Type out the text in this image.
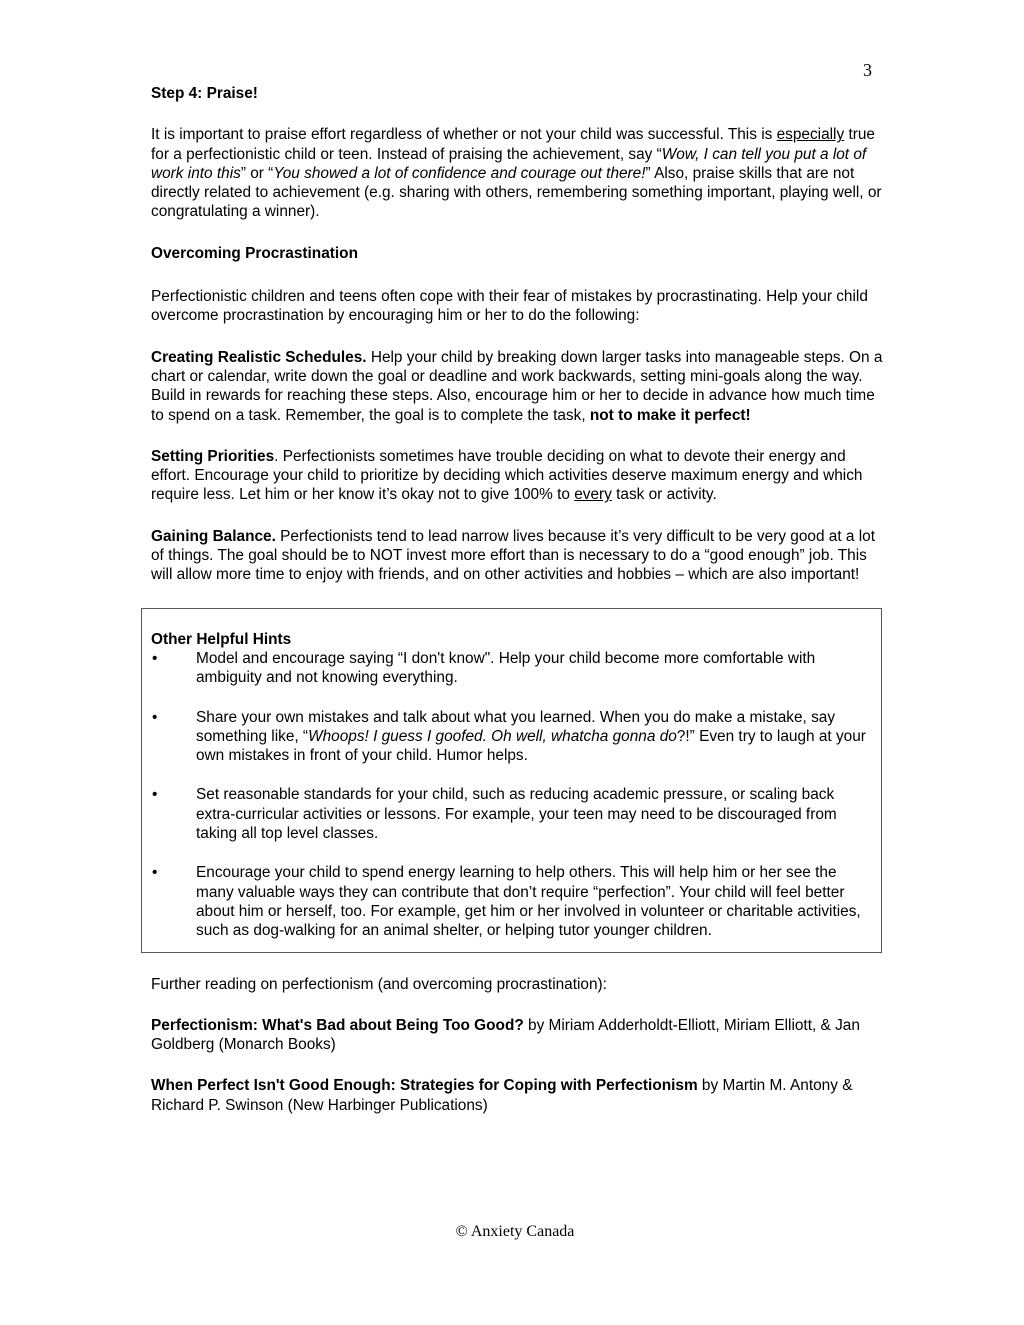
3

Step 4: Praise!

It is important to praise effort regardless of whether or not your child was successful. This is especially true for a perfectionistic child or teen. Instead of praising the achievement, say “Wow, I can tell you put a lot of work into this” or “You showed a lot of confidence and courage out there!” Also, praise skills that are not directly related to achievement (e.g. sharing with others, remembering something important, playing well, or congratulating a winner).

Overcoming Procrastination

Perfectionistic children and teens often cope with their fear of mistakes by procrastinating. Help your child overcome procrastination by encouraging him or her to do the following:

Creating Realistic Schedules. Help your child by breaking down larger tasks into manageable steps. On a chart or calendar, write down the goal or deadline and work backwards, setting mini-goals along the way. Build in rewards for reaching these steps. Also, encourage him or her to decide in advance how much time to spend on a task. Remember, the goal is to complete the task, not to make it perfect!

Setting Priorities. Perfectionists sometimes have trouble deciding on what to devote their energy and effort. Encourage your child to prioritize by deciding which activities deserve maximum energy and which require less. Let him or her know it’s okay not to give 100% to every task or activity.

Gaining Balance. Perfectionists tend to lead narrow lives because it’s very difficult to be very good at a lot of things. The goal should be to NOT invest more effort than is necessary to do a “good enough” job. This will allow more time to enjoy with friends, and on other activities and hobbies – which are also important!

Other Helpful Hints

•	Model and encourage saying “I don't know". Help your child become more comfortable with ambiguity and not knowing everything.
•	Share your own mistakes and talk about what you learned. When you do make a mistake, say something like, “Whoops! I guess I goofed. Oh well, whatcha gonna do?!” Even try to laugh at your own mistakes in front of your child. Humor helps.
•	Set reasonable standards for your child, such as reducing academic pressure, or scaling back extra-curricular activities or lessons. For example, your teen may need to be discouraged from taking all top level classes.
•	Encourage your child to spend energy learning to help others. This will help him or her see the many valuable ways they can contribute that don’t require “perfection”. Your child will feel better about him or herself, too. For example, get him or her involved in volunteer or charitable activities, such as dog-walking for an animal shelter, or helping tutor younger children.

Further reading on perfectionism (and overcoming procrastination):

Perfectionism: What's Bad about Being Too Good? by Miriam Adderholdt-Elliott, Miriam Elliott, & Jan Goldberg (Monarch Books)

When Perfect Isn't Good Enough: Strategies for Coping with Perfectionism by Martin M. Antony & Richard P. Swinson (New Harbinger Publications)

© Anxiety Canada
